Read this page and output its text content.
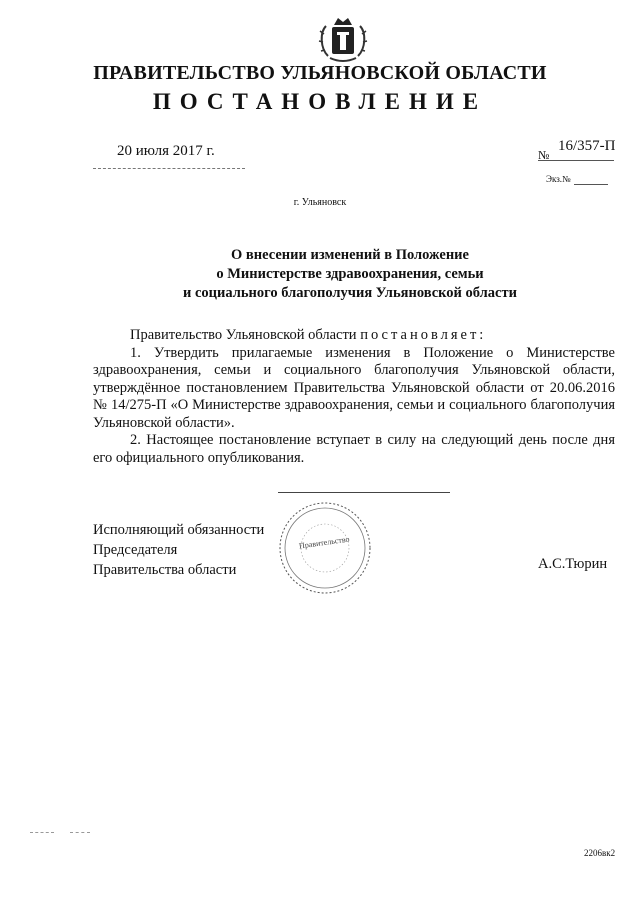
ПРАВИТЕЛЬСТВО УЛЬЯНОВСКОЙ ОБЛАСТИ
ПОСТАНОВЛЕНИЕ
20 июля 2017 г.	№
16/357-П
Экз.№
г. Ульяновск
О внесении изменений в Положение
о Министерстве здравоохранения, семьи
и социального благополучия Ульяновской области

Правительство Ульяновской области постановляет:

1. Утвердить прилагаемые изменения в Положение о Министерстве здравоохранения, семьи и социального благополучия Ульяновской области, утверждённое постановлением Правительства Ульяновской области от 20.06.2016 № 14/275-П «О Министерстве здравоохранения, семьи и социального благополучия Ульяновской области».

2. Настоящее постановление вступает в силу на следующий день после дня его официального опубликования.

Исполняющий обязанности
Председателя
Правительства области
Правительство
А.С.Тюрин
2206вк2
